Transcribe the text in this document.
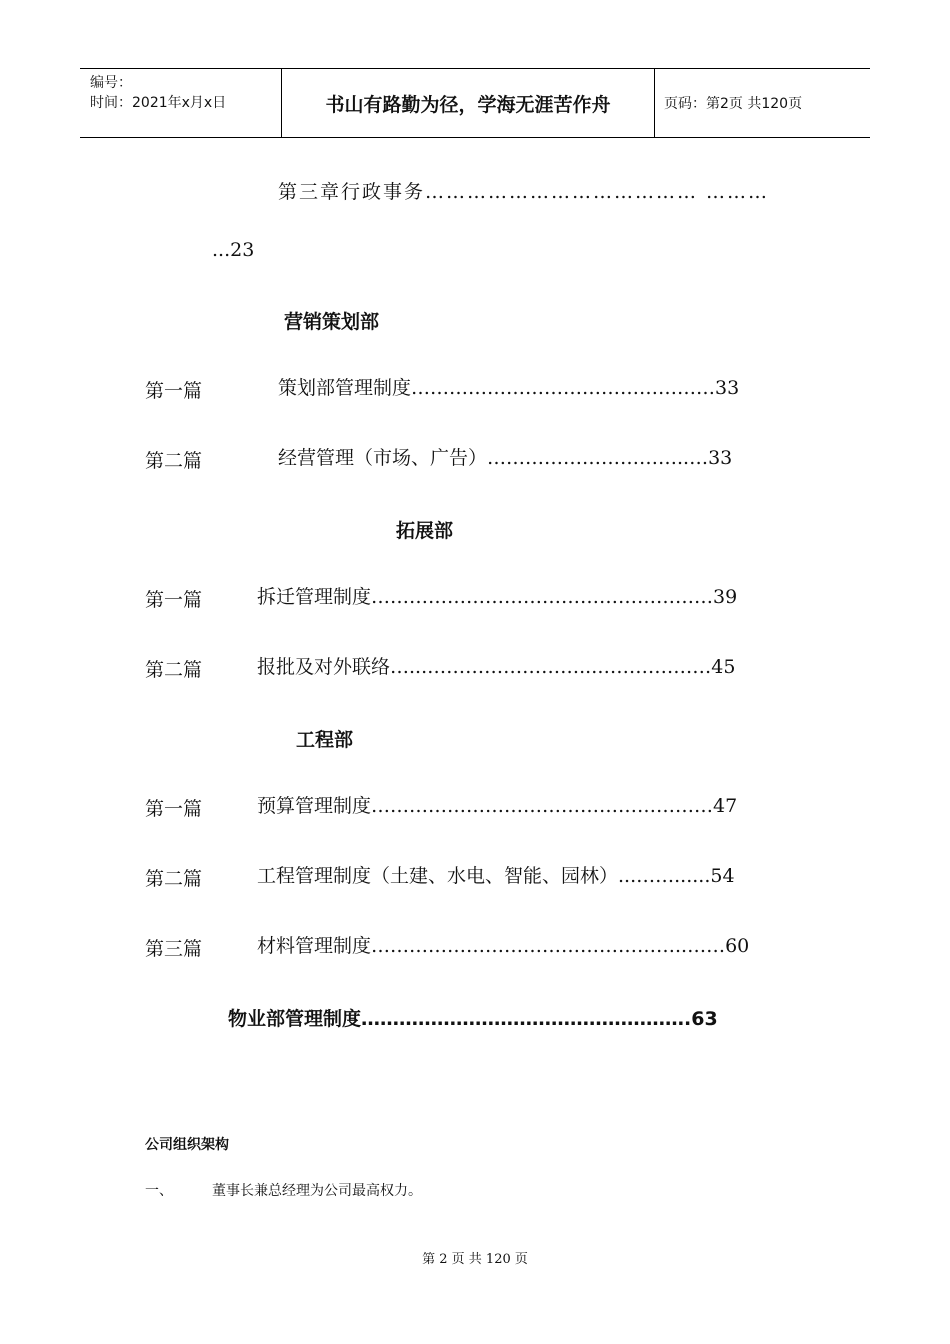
编号：
时间：2021年x月x日	书山有路勤为径，学海无涯苦作舟	页码：第2页 共120页
第三章行政事务………………………………… ………
...23
营销策划部
第一篇	策划部管理制度…………………………………………33
第二篇	经营管理（市场、广告）…………………………..…33
拓展部
第一篇	拆迁管理制度………………………………………………39
第二篇	报批及对外联络…...……………………...………………45
工程部
第一篇	预算管理制度………………………………………………47
第二篇	工程管理制度（土建、水电、智能、园林）...……......54
第三篇	材料管理制度…………………………………………..……60
物业部管理制度…………………………………………….63
公司组织架构
一、	董事长兼总经理为公司最高权力。
第 2 页 共 120 页
